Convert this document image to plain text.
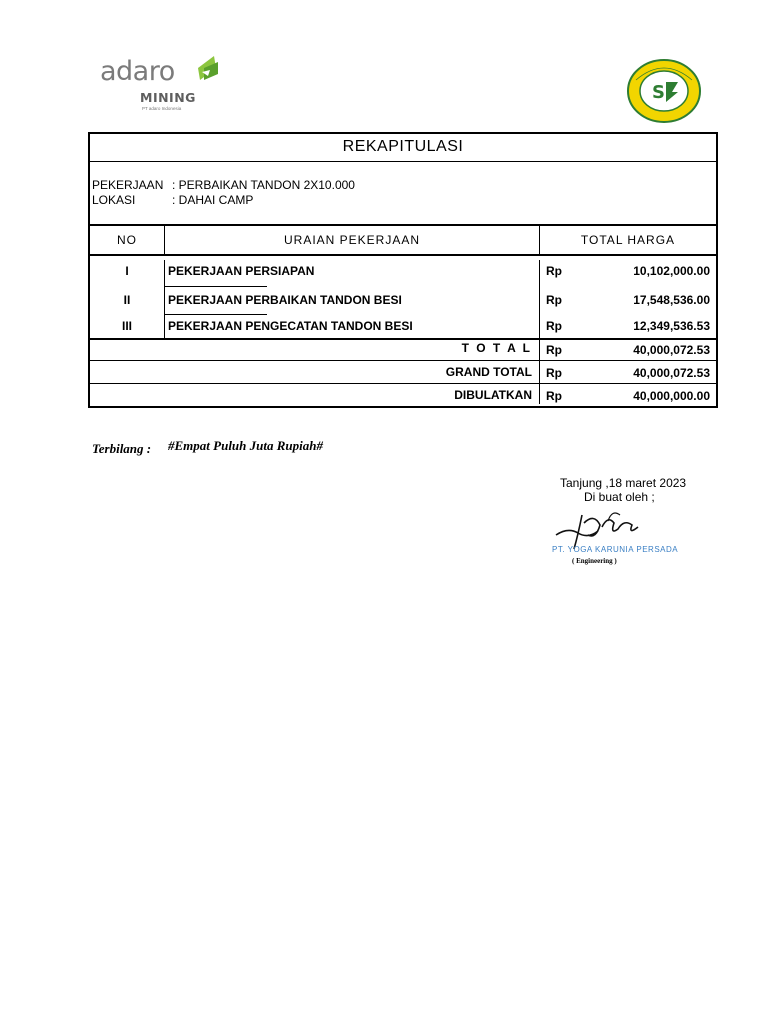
adaro
MINING
PT adaro Indonesia
S
REKAPITULASI
PEKERJAAN : PERBAIKAN TANDON 2X10.000
LOKASI	: DAHAI CAMP
NO	URAIAN PEKERJAAN	TOTAL HARGA
I	PEKERJAAN PERSIAPAN	Rp	10,102,000.00
II	PEKERJAAN PERBAIKAN TANDON BESI	Rp	17,548,536.00
III	PEKERJAAN PENGECATAN TANDON BESI	Rp	12,349,536.53
T O T A L Rp	40,000,072.53
GRAND TOTAL Rp	40,000,072.53
DIBULATKAN Rp	40,000,000.00
Terbilang : #Empat Puluh Juta Rupiah#
Tanjung ,18 maret 2023
Di buat oleh ;
PT. YOGA KARUNIA PERSADA
( Engineering )
